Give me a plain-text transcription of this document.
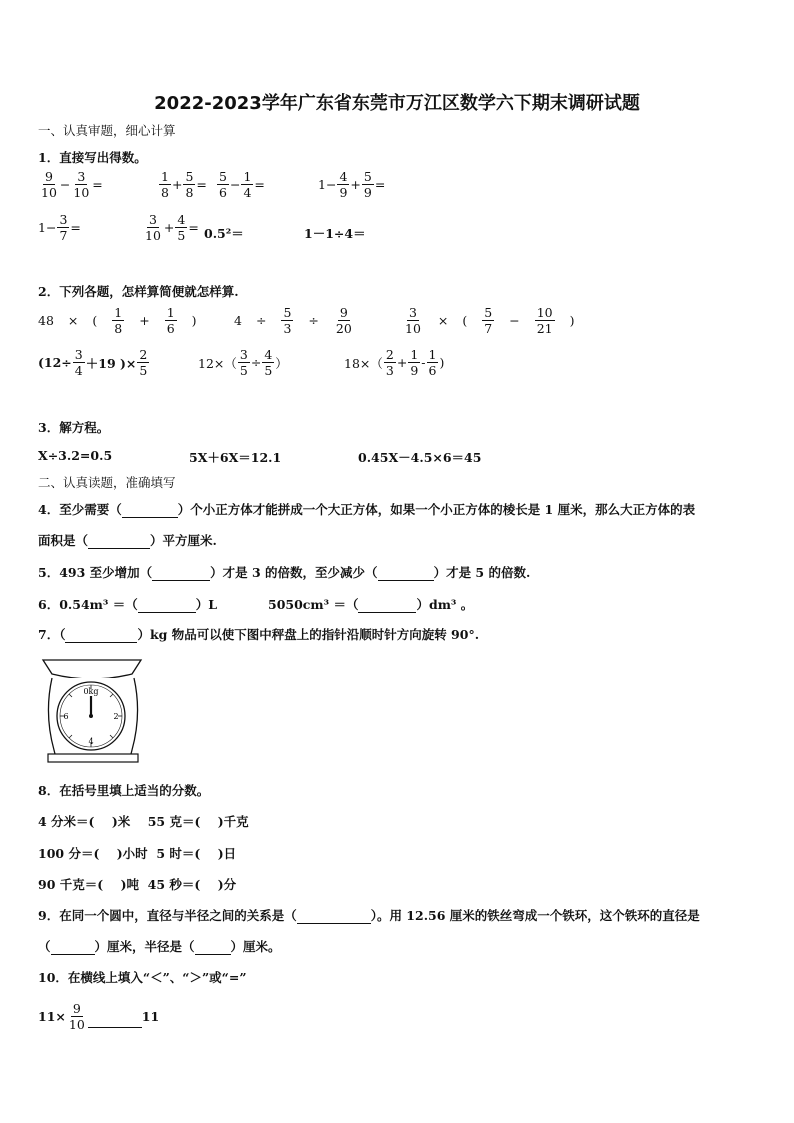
2022-2023学年广东省东莞市万江区数学六下期末调研试题
一、认真审题，细心计算
1．直接写出得数。
$\frac{9}{10} - \frac{3}{10}$ =	$\frac{1}{8} + \frac{5}{8} = \frac{5}{6} - \frac{1}{4}$ =	$1- \frac{4}{9} + \frac{5}{9}$ =
$1- \frac{3}{7}$ =	$\frac{3}{10} + \frac{4}{5} = 0.5^2=$	1－1÷4＝
2．下列各题，怎样算简便就怎样算.
48 × ( $\frac{1}{8} + \frac{1}{6}$ )	$4 \div \frac{5}{3} \div \frac{9}{20}$	$\frac{3}{10}$ × ( $\frac{5}{7} - \frac{10}{21}$ )
($12\div \frac{3}{4} +19$ )× $\frac{2}{5}$	$12\times( \frac{3}{5} \div \frac{4}{5}$ ）	$18\times( \frac{2}{3} + \frac{1}{9} - \frac{1}{6}$ )
3．解方程。
X÷3.2=0.5	5X＋6X＝12.1	0.45X－4.5×6＝45
二、认真读题，准确填写
4．至少需要（	）个小正方体才能拼成一个大正方体，如果一个小正方体的棱长是 1 厘米，那么大正方体的表
面积是（	）平方厘米.
5．493 至少增加（	）才是 3 的倍数，至少减少（	）才是 5 的倍数.
6．0.54m³ ＝（	）L	5050cm³ ＝（	）dm³ 。
7．（	）kg 物品可以使下图中秤盘上的指针沿顺时针方向旋转 90°.
0kg
6	2
4
8．在括号里填上适当的分数。
4 分米＝(    )米    55 克＝(    )千克
100 分＝(    )小时  5 时＝(    )日
90 千克＝(    )吨  45 秒＝(    )分
9．在同一个圆中，直径与半径之间的关系是（	）。用 12.56 厘米的铁丝弯成一个铁环，这个铁环的直径是
（	）厘米，半径是（	）厘米。
10．在横线上填入“＜”、“＞”或“=”
$11\times \frac{9}{10}$	11
